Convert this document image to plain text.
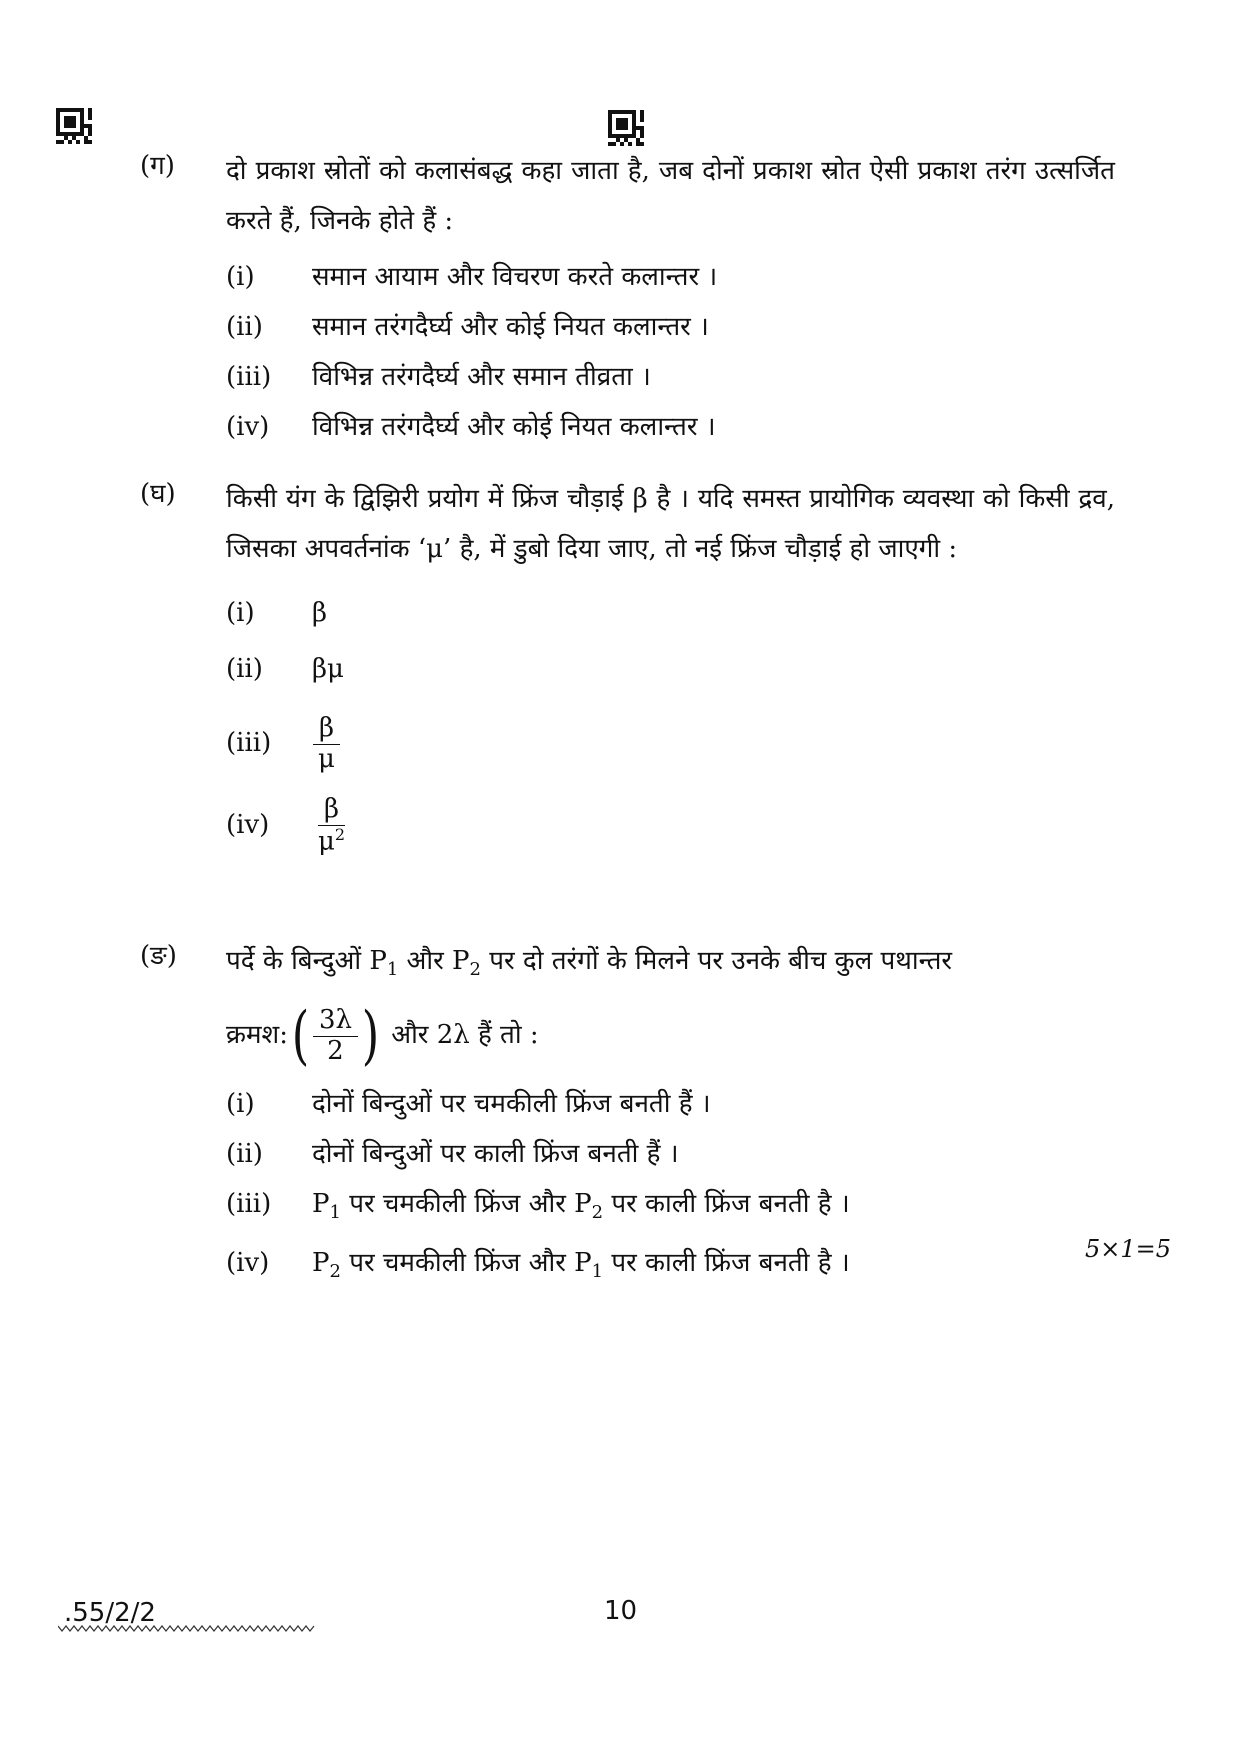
(ग) दो प्रकाश स्रोतों को कलासंबद्ध कहा जाता है, जब दोनों प्रकाश स्रोत ऐसी प्रकाश तरंग उत्सर्जित करते हैं, जिनके होते हैं :
(i)	समान आयाम और विचरण करते कलान्तर ।
(ii)	समान तरंगदैर्घ्य और कोई नियत कलान्तर ।
(iii)	विभिन्न तरंगदैर्घ्य और समान तीव्रता ।
(iv)	विभिन्न तरंगदैर्घ्य और कोई नियत कलान्तर ।
(घ) किसी यंग के द्विझिरी प्रयोग में फ्रिंज चौड़ाई β है । यदि समस्त प्रायोगिक व्यवस्था को किसी द्रव, जिसका अपवर्तनांक ‘μ’ है, में डुबो दिया जाए, तो नई फ्रिंज चौड़ाई हो जाएगी :
(i)	β
(ii)	βμ
(iii)	$\frac{\beta}{\mu}$
(iv)	$\frac{\beta}{\mu^2}$
(ङ) पर्दे के बिन्दुओं $P_1$ और $P_2$ पर दो तरंगों के मिलने पर उनके बीच कुल पथान्तर
क्रमश: ( $\frac{3\lambda}{2}$ ) और 2λ हैं तो :
(i)	दोनों बिन्दुओं पर चमकीली फ्रिंज बनती हैं ।
(ii)	दोनों बिन्दुओं पर काली फ्रिंज बनती हैं ।
(iii)	$P_1$ पर चमकीली फ्रिंज और $P_2$ पर काली फ्रिंज बनती है ।
(iv)	$P_2$ पर चमकीली फ्रिंज और $P_1$ पर काली फ्रिंज बनती है ।	5×1=5
.55/2/2	10
